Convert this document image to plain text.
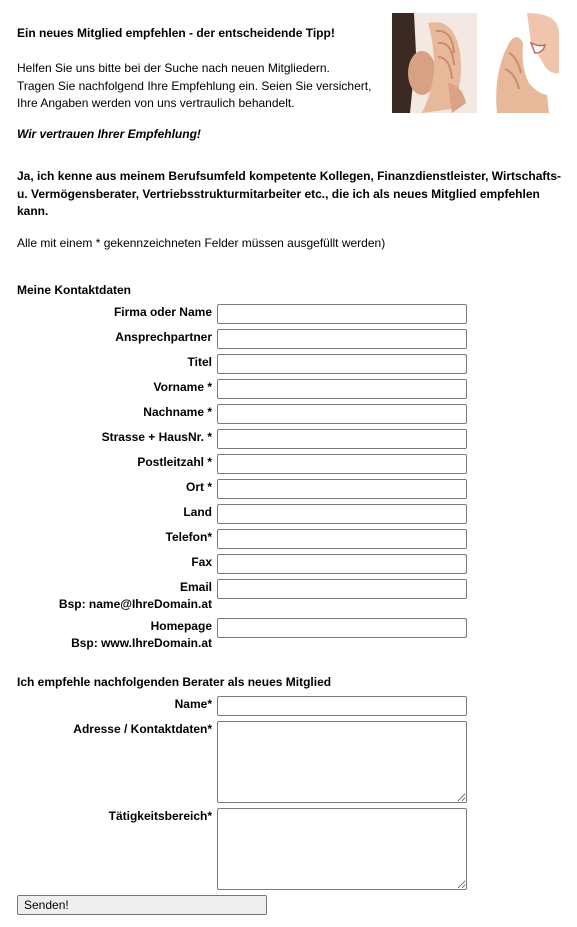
Ein neues Mitglied empfehlen - der entscheidende Tipp!
Helfen Sie uns bitte bei der Suche nach neuen Mitgliedern.
Tragen Sie nachfolgend Ihre Empfehlung ein. Seien Sie versichert,
Ihre Angaben werden von uns vertraulich behandelt.
Wir vertrauen Ihrer Empfehlung!
Ja, ich kenne aus meinem Berufsumfeld kompetente Kollegen, Finanzdienstleister, Wirtschafts- u. Vermögensberater, Vertriebsstrukturmitarbeiter etc., die ich als neues Mitglied empfehlen kann.
Alle mit einem * gekennzeichneten Felder müssen ausgefüllt werden)
Meine Kontaktdaten
Firma oder Name
Ansprechpartner
Titel
Vorname *
Nachname *
Strasse + HausNr. *
Postleitzahl *
Ort *
Land
Telefon*
Fax
Email
Bsp: name@IhreDomain.at
Homepage
Bsp: www.IhreDomain.at
Ich empfehle nachfolgenden Berater als neues Mitglied
Name*
Adresse / Kontaktdaten*
Tätigkeitsbereich*
Senden!
